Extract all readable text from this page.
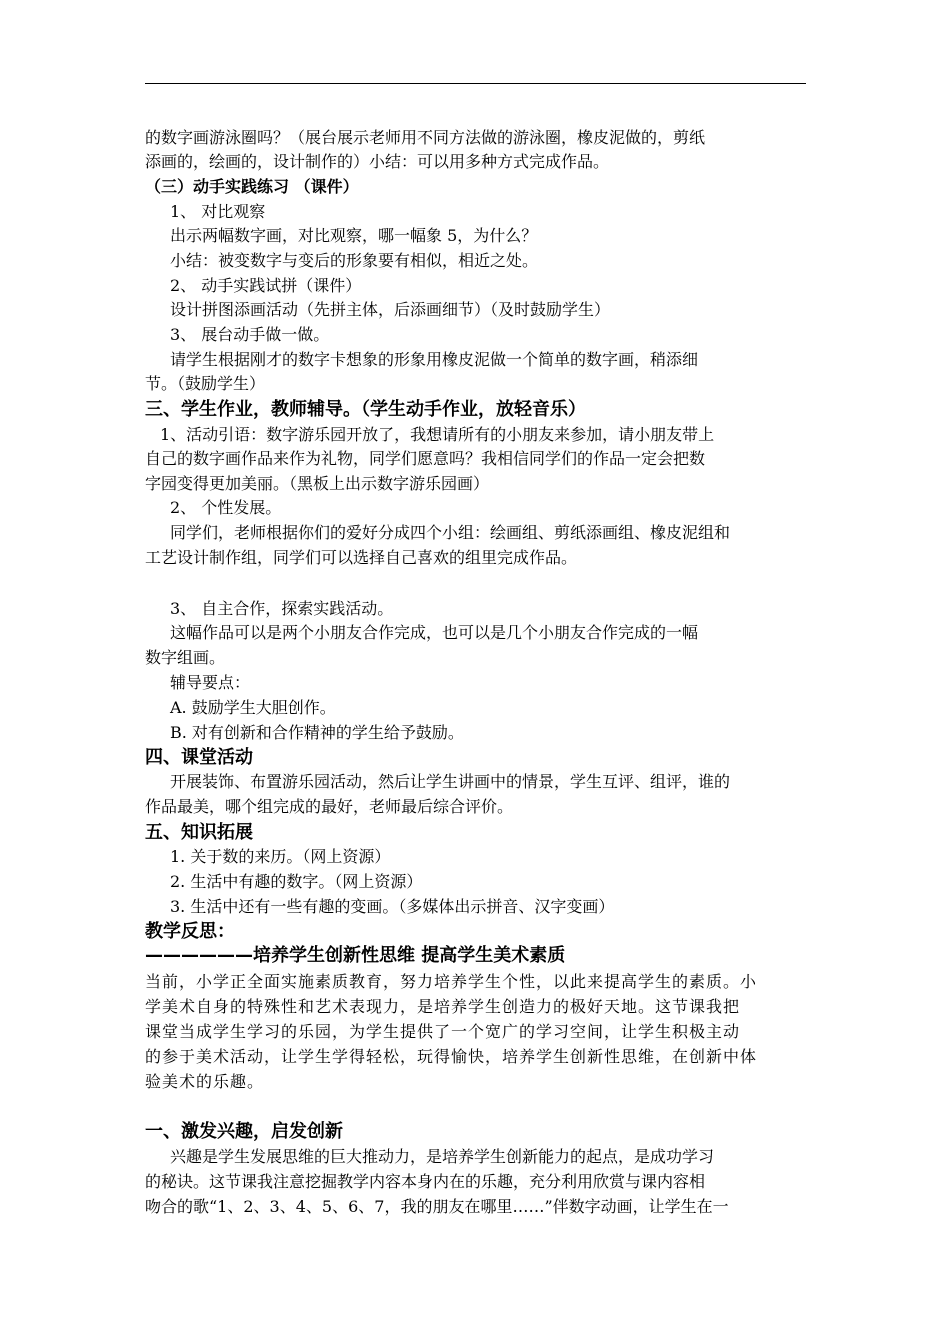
的数字画游泳圈吗？（展台展示老师用不同方法做的游泳圈，橡皮泥做的，剪纸
添画的，绘画的，设计制作的）小结：可以用多种方式完成作品。
（三）动手实践练习 （课件）
1、 对比观察
出示两幅数字画，对比观察，哪一幅象 5，为什么？
小结：被变数字与变后的形象要有相似，相近之处。
2、 动手实践试拼（课件）
设计拼图添画活动（先拼主体，后添画细节）（及时鼓励学生）
3、 展台动手做一做。
请学生根据刚才的数字卡想象的形象用橡皮泥做一个简单的数字画，稍添细
节。（鼓励学生）
三、学生作业，教师辅导。（学生动手作业，放轻音乐）
1、活动引语：数字游乐园开放了，我想请所有的小朋友来参加，请小朋友带上
自己的数字画作品来作为礼物，同学们愿意吗？我相信同学们的作品一定会把数
字园变得更加美丽。（黑板上出示数字游乐园画）
2、 个性发展。
同学们，老师根据你们的爱好分成四个小组：绘画组、剪纸添画组、橡皮泥组和
工艺设计制作组，同学们可以选择自己喜欢的组里完成作品。
3、 自主合作，探索实践活动。
这幅作品可以是两个小朋友合作完成，也可以是几个小朋友合作完成的一幅
数字组画。
辅导要点：
A. 鼓励学生大胆创作。
B. 对有创新和合作精神的学生给予鼓励。
四、课堂活动
开展装饰、布置游乐园活动，然后让学生讲画中的情景，学生互评、组评，谁的
作品最美，哪个组完成的最好，老师最后综合评价。
五、知识拓展
1. 关于数的来历。（网上资源）
2. 生活中有趣的数字。（网上资源）
3. 生活中还有一些有趣的变画。（多媒体出示拼音、汉字变画）
教学反思：
——————培养学生创新性思维 提高学生美术素质
当前，小学正全面实施素质教育，努力培养学生个性，以此来提高学生的素质。小
学美术自身的特殊性和艺术表现力，是培养学生创造力的极好天地。这节课我把
课堂当成学生学习的乐园，为学生提供了一个宽广的学习空间，让学生积极主动
的参于美术活动，让学生学得轻松，玩得愉快，培养学生创新性思维，在创新中体
验美术的乐趣。
一、激发兴趣，启发创新
兴趣是学生发展思维的巨大推动力，是培养学生创新能力的起点，是成功学习
的秘诀。这节课我注意挖掘教学内容本身内在的乐趣，充分利用欣赏与课内容相
吻合的歌“1、2、3、4、5、6、7，我的朋友在哪里……”伴数字动画，让学生在一
